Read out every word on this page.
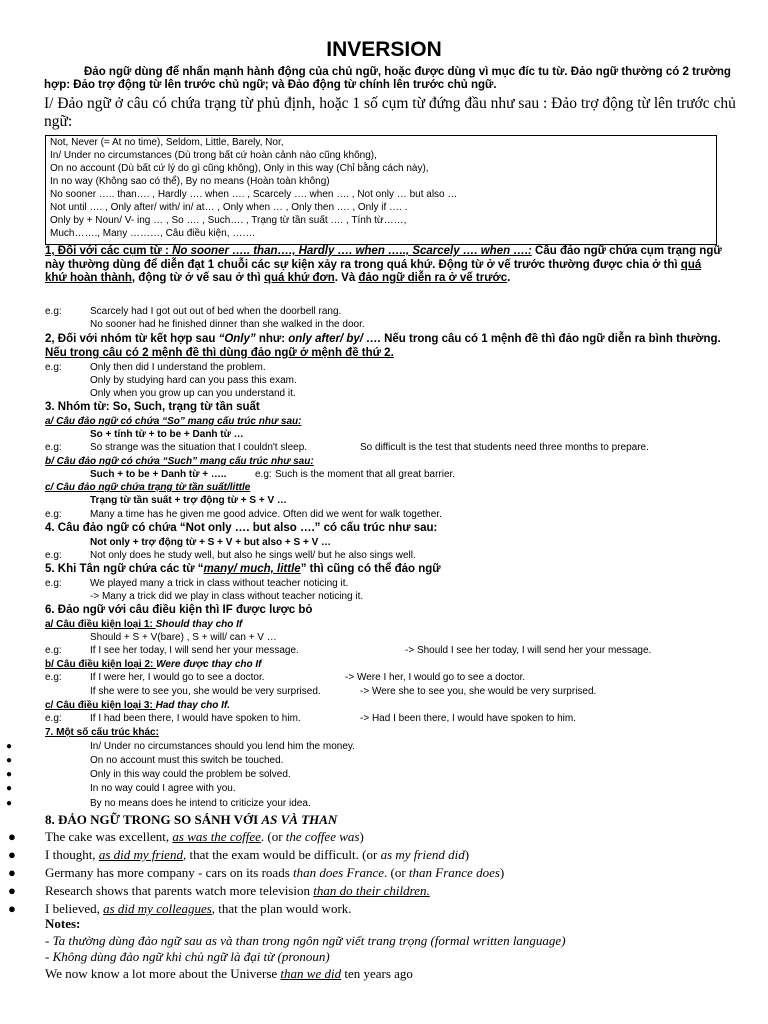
INVERSION
Đảo ngữ dùng để nhấn mạnh hành động của chủ ngữ, hoặc được dùng vì mục đíc tu từ. Đảo ngữ thường có 2 trường hợp: Đảo trợ động từ lên trước chủ ngữ; và Đảo động từ chính lên trước chủ ngữ.
I/ Đảo ngữ ở câu có chứa trạng từ phủ định, hoặc 1 số cụm từ đứng đầu như sau : Đảo trợ động từ lên trước chủ ngữ:
Not, Never (= At no time), Seldom, Little, Barely, Nor,
In/ Under no circumstances (Dù trong bất cứ hoàn cảnh nào cũng không),
On no account (Dù bất cứ lý do gì cũng không), Only in this way (Chỉ bằng cách này),
In no way (Không sao có thể), By no means (Hoàn toàn không)
No sooner ….. than…. , Hardly …. when …. , Scarcely …. when …. , Not only … but also …
Not until …. , Only after/ with/ in/ at… , Only when … , Only then …. , Only if …. .
Only by + Noun/ V- ing … , So …. , Such…. , Trạng từ tần suất …. , Tính từ……,
Much……., Many ………, Câu điều kiện, …….
1, Đối với các cụm từ : No sooner ….. than…., Hardly …. when ….., Scarcely …. when ….: Câu đảo ngữ chứa cụm trạng ngữ này thường dùng để diễn đạt 1 chuỗi các sự kiện xảy ra trong quá khứ. Động từ ở vế trước thường được chia ở thì quá khứ hoàn thành, động từ ở vế sau ở thì quá khứ đơn. Và đảo ngữ diễn ra ở vế trước.
e.g:	Scarcely had I got out out of bed when the doorbell rang.
No sooner had he finished dinner than she walked in the door.
2, Đối với nhóm từ kết hợp sau “Only” như: only after/ by/ …. Nếu trong câu có 1 mệnh đề thì đảo ngữ diễn ra bình thường. Nếu trong câu có 2 mệnh đề thì dùng đảo ngữ ở mệnh đề thứ 2.
e.g:	Only then did I understand the problem.
Only by studying hard can you pass this exam.
Only when you grow up can you understand it.
3. Nhóm từ: So, Such, trạng từ tần suất
a/ Câu đảo ngữ có chứa “So” mang cấu trúc như sau:
So + tính từ + to be + Danh từ …
e.g:	So strange was the situation that I couldn't sleep.	So difficult is the test that students need three months to prepare.
b/ Câu đảo ngữ có chứa “Such” mang cấu trúc như sau:
Such + to be + Danh từ + …..	e.g: Such is the moment that all great barrier.
c/ Câu đảo ngữ chứa trạng từ tần suất/little
Trạng từ tần suất + trợ động từ + S + V …
e.g:	Many a time has he given me good advice. Often did we went for walk together.
4. Câu đảo ngữ có chứa “Not only …. but also ….” có cấu trúc như sau:
Not only + trợ động từ + S + V + but also + S + V …
e.g:	Not only does he study well, but also he sings well/ but he also sings well.
5. Khi Tân ngữ chứa các từ “many/ much, little” thì cũng có thể đảo ngữ
e.g:	We played many a trick in class without teacher noticing it.
-> Many a trick did we play in class without teacher noticing it.
6. Đảo ngữ với câu điều kiện thì IF được lược bỏ
a/ Câu điều kiện loại 1: Should thay cho If
Should + S + V(bare) , S + will/ can + V …
e.g:	If I see her today, I will send her your message.	-> Should I see her today, I will send her your message.
b/ Câu điều kiện loại 2: Were được thay cho If
e.g:	If I were her, I would go to see a doctor.	-> Were I her, I would go to see a doctor.
If she were to see you, she would be very surprised.	-> Were she to see you, she would be very surprised.
c/ Câu điều kiện loại 3: Had thay cho If.
e.g:	If I had been there, I would have spoken to him.	-> Had I been there, I would have spoken to him.
7. Một số cấu trúc khác:
●	In/ Under no circumstances should you lend him the money.
●	On no account must this switch be touched.
●	Only in this way could the problem be solved.
●	In no way could I agree with you.
●	By no means does he intend to criticize your idea.
8. ĐẢO NGỮ TRONG SO SÁNH VỚI AS VÀ THAN
● The cake was excellent, as was the coffee. (or the coffee was)
● I thought, as did my friend, that the exam would be difficult. (or as my friend did)
● Germany has more company - cars on its roads than does France. (or than France does)
● Research shows that parents watch more television than do their children.
● I believed, as did my colleagues, that the plan would work.
Notes:
- Ta thường dùng đảo ngữ sau as và than trong ngôn ngữ viết trang trọng (formal written language)
- Không dùng đảo ngữ khi chủ ngữ là đại từ (pronoun)
We now know a lot more about the Universe than we did ten years ago
